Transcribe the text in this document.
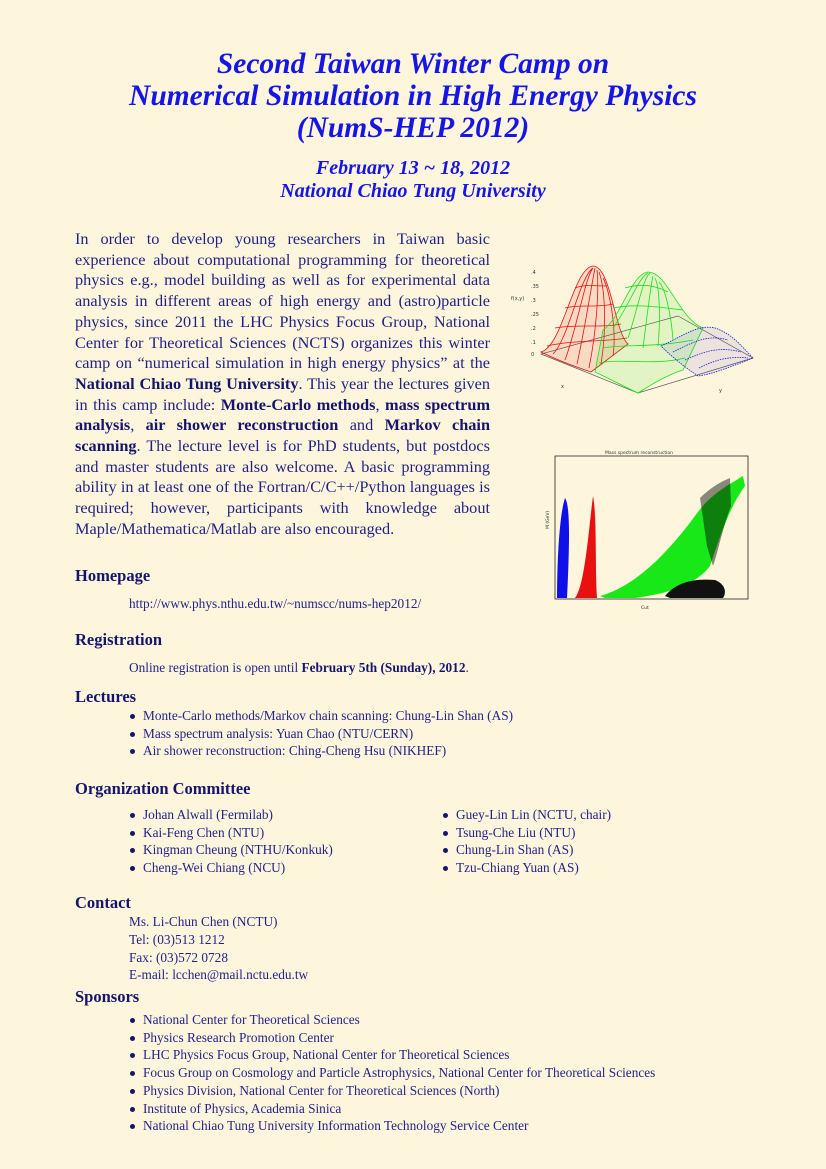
Second Taiwan Winter Camp on
Numerical Simulation in High Energy Physics
(NumS-HEP 2012)
February 13 ~ 18, 2012
National Chiao Tung University
In order to develop young researchers in Taiwan basic experience about computational programming for theoretical physics e.g., model building as well as for experimental data analysis in different areas of high energy and (astro)particle physics, since 2011 the LHC Physics Focus Group, National Center for Theoretical Sciences (NCTS) organizes this winter camp on “numerical simulation in high energy physics” at the National Chiao Tung University. This year the lectures given in this camp include: Monte-Carlo methods, mass spectrum analysis, air shower reconstruction and Markov chain scanning. The lecture level is for PhD students, but postdocs and master students are also welcome. A basic programming ability in at least one of the Fortran/C/C++/Python languages is required; however, participants with knowledge about Maple/Mathematica/Matlab are also encouraged.
f(x,y)
.4
.35
.3
.25
.2
.1
0
x
y
Mass spectrum reconstruction
M (GeV)
Cut
Homepage
http://www.phys.nthu.edu.tw/~numscc/nums-hep2012/
Registration
Online registration is open until February 5th (Sunday), 2012.
Lectures
Monte-Carlo methods/Markov chain scanning: Chung-Lin Shan (AS)
Mass spectrum analysis: Yuan Chao (NTU/CERN)
Air shower reconstruction: Ching-Cheng Hsu (NIKHEF)
Organization Committee
Johan Alwall (Fermilab)
Kai-Feng Chen (NTU)
Kingman Cheung (NTHU/Konkuk)
Cheng-Wei Chiang (NCU)
Guey-Lin Lin (NCTU, chair)
Tsung-Che Liu (NTU)
Chung-Lin Shan (AS)
Tzu-Chiang Yuan (AS)
Contact
Ms. Li-Chun Chen (NCTU)
Tel: (03)513 1212
Fax: (03)572 0728
E-mail: lcchen@mail.nctu.edu.tw
Sponsors
National Center for Theoretical Sciences
Physics Research Promotion Center
LHC Physics Focus Group, National Center for Theoretical Sciences
Focus Group on Cosmology and Particle Astrophysics, National Center for Theoretical Sciences
Physics Division, National Center for Theoretical Sciences (North)
Institute of Physics, Academia Sinica
National Chiao Tung University Information Technology Service Center
